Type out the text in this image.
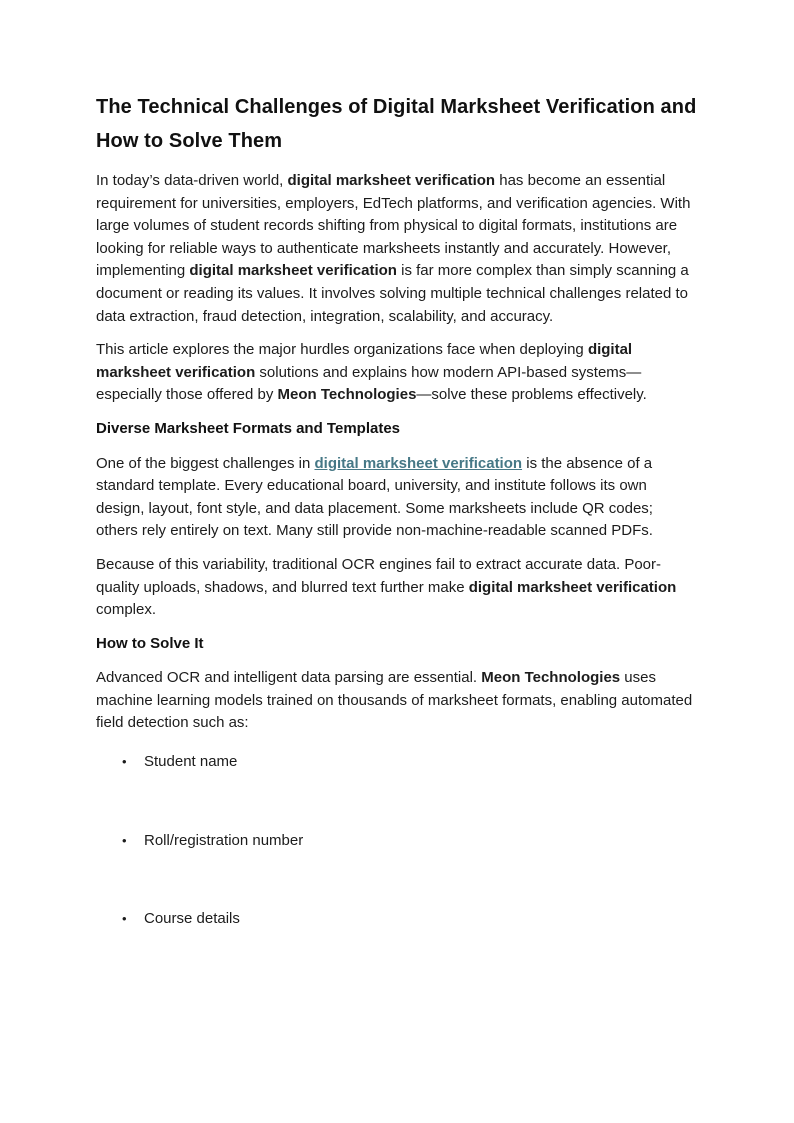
The Technical Challenges of Digital Marksheet Verification and How to Solve Them

In today’s data-driven world, digital marksheet verification has become an essential requirement for universities, employers, EdTech platforms, and verification agencies. With large volumes of student records shifting from physical to digital formats, institutions are looking for reliable ways to authenticate marksheets instantly and accurately. However, implementing digital marksheet verification is far more complex than simply scanning a document or reading its values. It involves solving multiple technical challenges related to data extraction, fraud detection, integration, scalability, and accuracy.

This article explores the major hurdles organizations face when deploying digital marksheet verification solutions and explains how modern API-based systems—especially those offered by Meon Technologies—solve these problems effectively.

Diverse Marksheet Formats and Templates

One of the biggest challenges in digital marksheet verification is the absence of a standard template. Every educational board, university, and institute follows its own design, layout, font style, and data placement. Some marksheets include QR codes; others rely entirely on text. Many still provide non-machine-readable scanned PDFs.

Because of this variability, traditional OCR engines fail to extract accurate data. Poor-quality uploads, shadows, and blurred text further make digital marksheet verification complex.

How to Solve It

Advanced OCR and intelligent data parsing are essential. Meon Technologies uses machine learning models trained on thousands of marksheet formats, enabling automated field detection such as:

•	Student name
•	Roll/registration number
•	Course details
